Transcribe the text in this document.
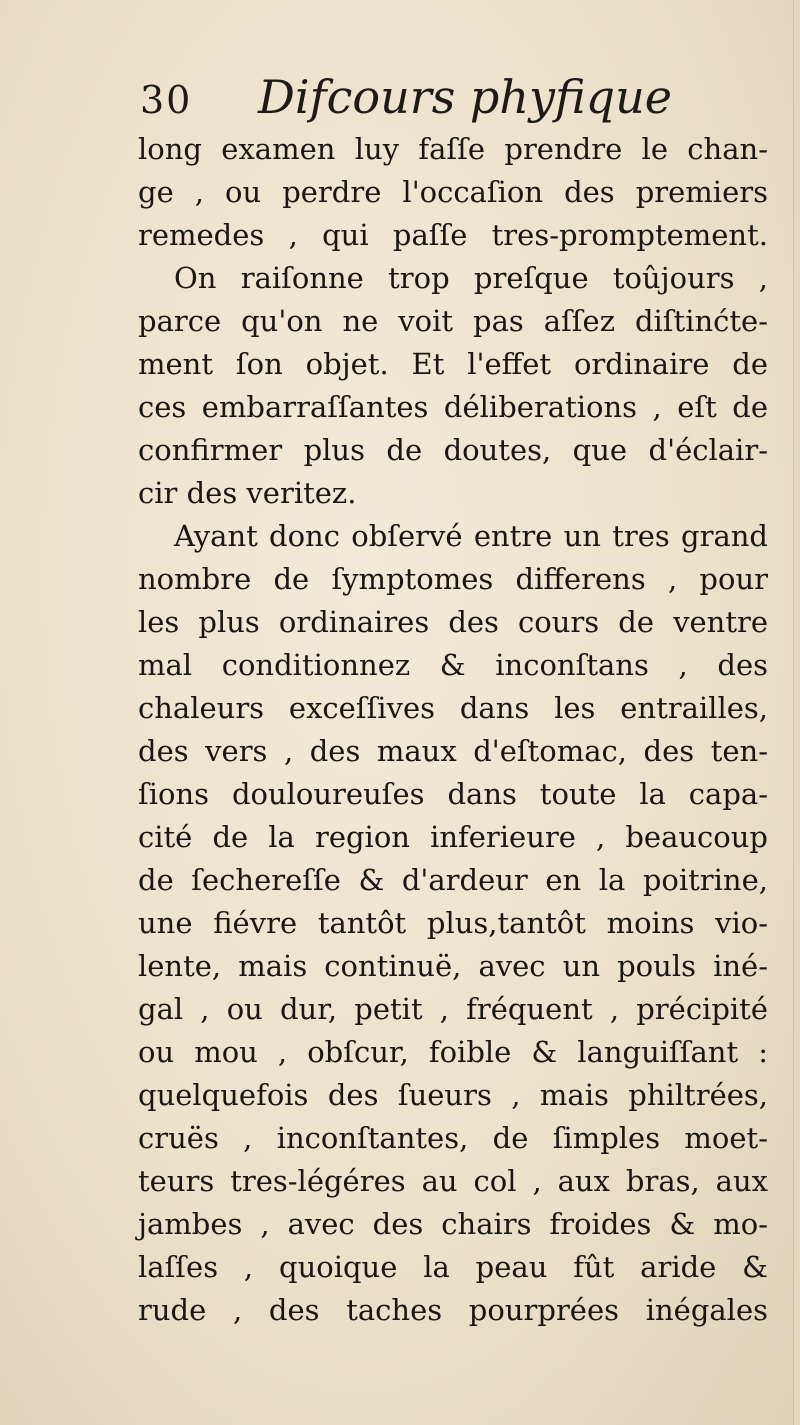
30 Difcours phyfique
long examen luy faſſe prendre le chan-
ge , ou perdre l'occaſion des premiers
remedes , qui paſſe tres-promptement.
On raiſonne trop preſque toûjours ,
parce qu'on ne voit pas aſſez diſtinćte-
ment ſon objet. Et l'effet ordinaire de
ces embarraſſantes déliberations , eſt de
confirmer plus de doutes, que d'éclair-
cir des veritez.
Ayant donc obſervé entre un tres grand
nombre de ſymptomes differens , pour
les plus ordinaires des cours de ventre
mal conditionnez & inconſtans , des
chaleurs exceſſives dans les entrailles,
des vers , des maux d'eſtomac, des ten-
ſions douloureuſes dans toute la capa-
cité de la region inferieure , beaucoup
de ſechereſſe & d'ardeur en la poitrine,
une fiévre tantôt plus,tantôt moins vio-
lente, mais continuë, avec un pouls iné-
gal , ou dur, petit , fréquent , précipité
ou mou , obſcur, foible & languiſſant :
quelquefois des ſueurs , mais philtrées,
cruës , inconſtantes, de ſimples moet-
teurs tres-légéres au col , aux bras, aux
jambes , avec des chairs froides & mo-
laſſes , quoique la peau fût aride &
rude , des taches pourprées inégales
